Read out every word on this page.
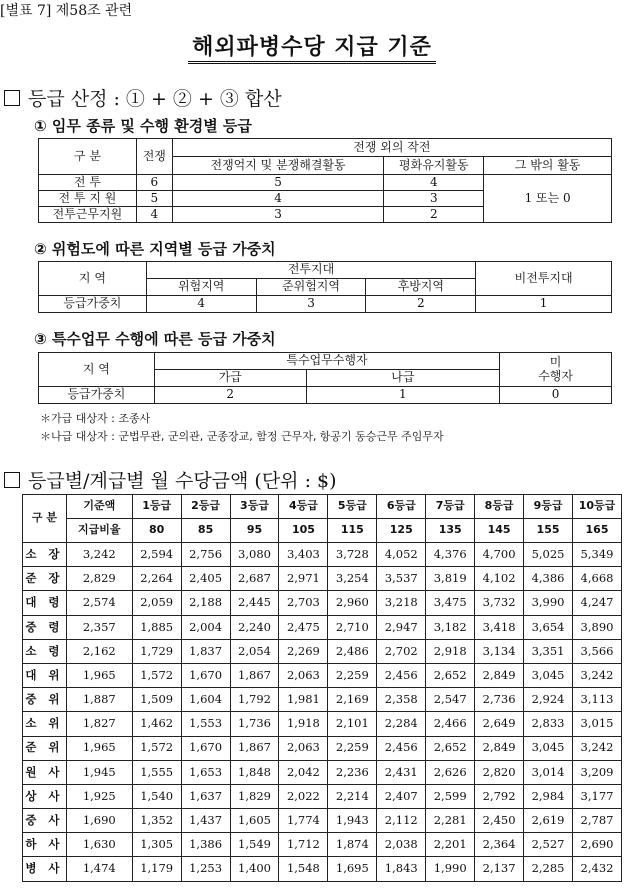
[별표 7] 제58조 관련
해외파병수당 지급 기준
등급 산정 : ① + ② + ③ 합산
① 임무 종류 및 수행 환경별 등급
구 분	전쟁	전쟁 외의 작전		
		전쟁억지 및 분쟁해결활동	평화유지활동	그 밖의 활동
전 투	6	5	4	1 또는 0
전 투 지 원	5	4	3	
전투근무지원	4	3	2	
② 위험도에 따른 지역별 등급 가중치
지 역	전투지대			비전투지대
	위험지역	준위험지역	후방지역	
등급가중치	4	3	2	1
③ 특수업무 수행에 따른 등급 가중치
지 역	특수업무수행자		미
수행자
	가급	나급	
등급가중치	2	1	0
＊가급 대상자 : 조종사
＊나급 대상자 : 군법무관, 군의관, 군종장교, 함정 근무자, 항공기 동승근무 주임무자
등급별/계급별 월 수당금액 (단위 : $)
구 분	기준액	1등급	2등급	3등급	4등급	5등급	6등급	7등급	8등급	9등급	10등급
	지급비율	80	85	95	105	115	125	135	145	155	165
소 장	3,242	2,594	2,756	3,080	3,403	3,728	4,052	4,376	4,700	5,025	5,349
준 장	2,829	2,264	2,405	2,687	2,971	3,254	3,537	3,819	4,102	4,386	4,668
대 령	2,574	2,059	2,188	2,445	2,703	2,960	3,218	3,475	3,732	3,990	4,247
중 령	2,357	1,885	2,004	2,240	2,475	2,710	2,947	3,182	3,418	3,654	3,890
소 령	2,162	1,729	1,837	2,054	2,269	2,486	2,702	2,918	3,134	3,351	3,566
대 위	1,965	1,572	1,670	1,867	2,063	2,259	2,456	2,652	2,849	3,045	3,242
중 위	1,887	1,509	1,604	1,792	1,981	2,169	2,358	2,547	2,736	2,924	3,113
소 위	1,827	1,462	1,553	1,736	1,918	2,101	2,284	2,466	2,649	2,833	3,015
준 위	1,965	1,572	1,670	1,867	2,063	2,259	2,456	2,652	2,849	3,045	3,242
원 사	1,945	1,555	1,653	1,848	2,042	2,236	2,431	2,626	2,820	3,014	3,209
상 사	1,925	1,540	1,637	1,829	2,022	2,214	2,407	2,599	2,792	2,984	3,177
중 사	1,690	1,352	1,437	1,605	1,774	1,943	2,112	2,281	2,450	2,619	2,787
하 사	1,630	1,305	1,386	1,549	1,712	1,874	2,038	2,201	2,364	2,527	2,690
병 사	1,474	1,179	1,253	1,400	1,548	1,695	1,843	1,990	2,137	2,285	2,432
